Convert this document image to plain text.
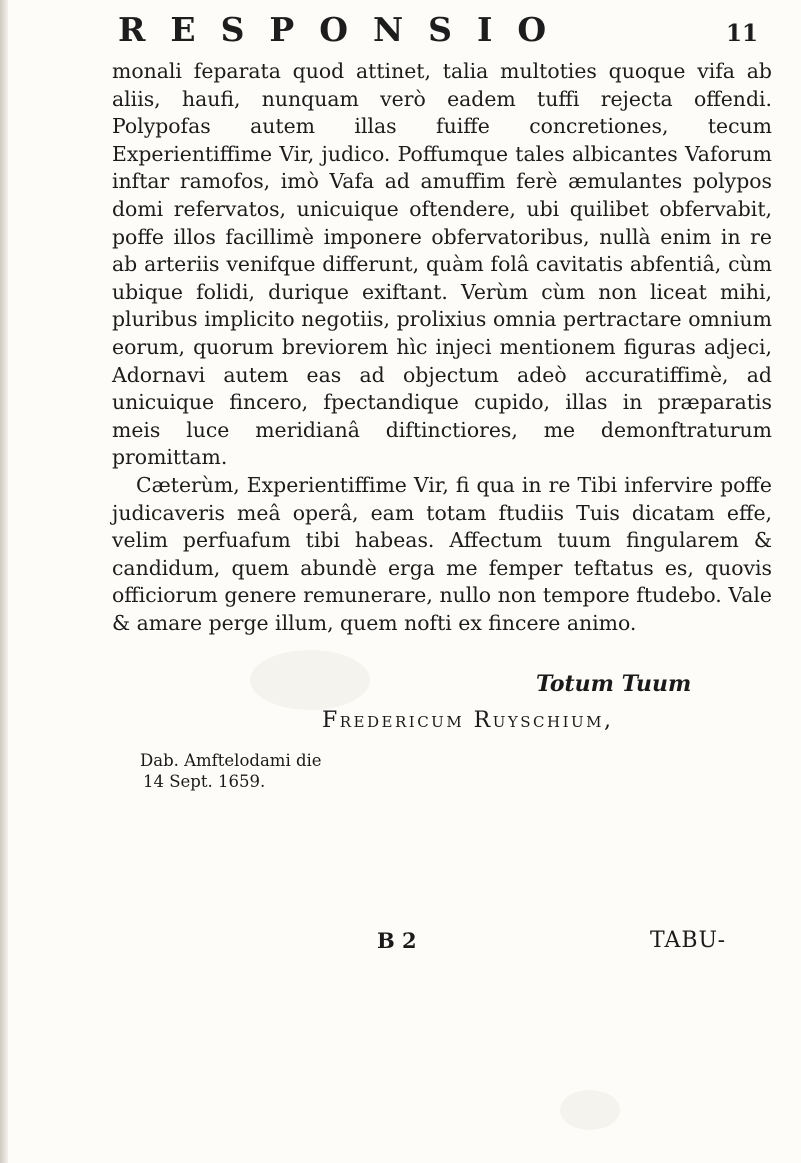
RESPONSIO	11

monali feparata quod attinet, talia multoties quoque vifa ab aliis, haufi, nunquam verò eadem tuffi rejecta offendi. Polypofas autem illas fuiffe concretiones, tecum Experientiffime Vir, judico. Poffumque tales albicantes Vaforum inftar ramofos, imò Vafa ad amuffim ferè æmulantes polypos domi refervatos, unicuique oftendere, ubi quilibet obfervabit, poffe illos facillimè imponere obfervatoribus, nullà enim in re ab arteriis venifque differunt, quàm folâ cavitatis abfentiâ, cùm ubique folidi, durique exiftant. Verùm cùm non liceat mihi, pluribus implicito negotiis, prolixius omnia pertractare omnium eorum, quorum breviorem hìc injeci mentionem figuras adjeci, Adornavi autem eas ad objectum adeò accuratiffimè, ad unicuique fincero, fpectandique cupido, illas in præparatis meis luce meridianâ diftinctiores, me demonftraturum promittam.

Cæterùm, Experientiffime Vir, fi qua in re Tibi infervire poffe judicaveris meâ operâ, eam totam ftudiis Tuis dicatam effe, velim perfuafum tibi habeas. Affectum tuum fingularem & candidum, quem abundè erga me femper teftatus es, quovis officiorum genere remunerare, nullo non tempore ftudebo. Vale & amare perge illum, quem nofti ex fincere animo.

Totum Tuum
Fredericum Ruyschium,
Dab. Amftelodami die
14 Sept. 1659.
B 2	TABU-
